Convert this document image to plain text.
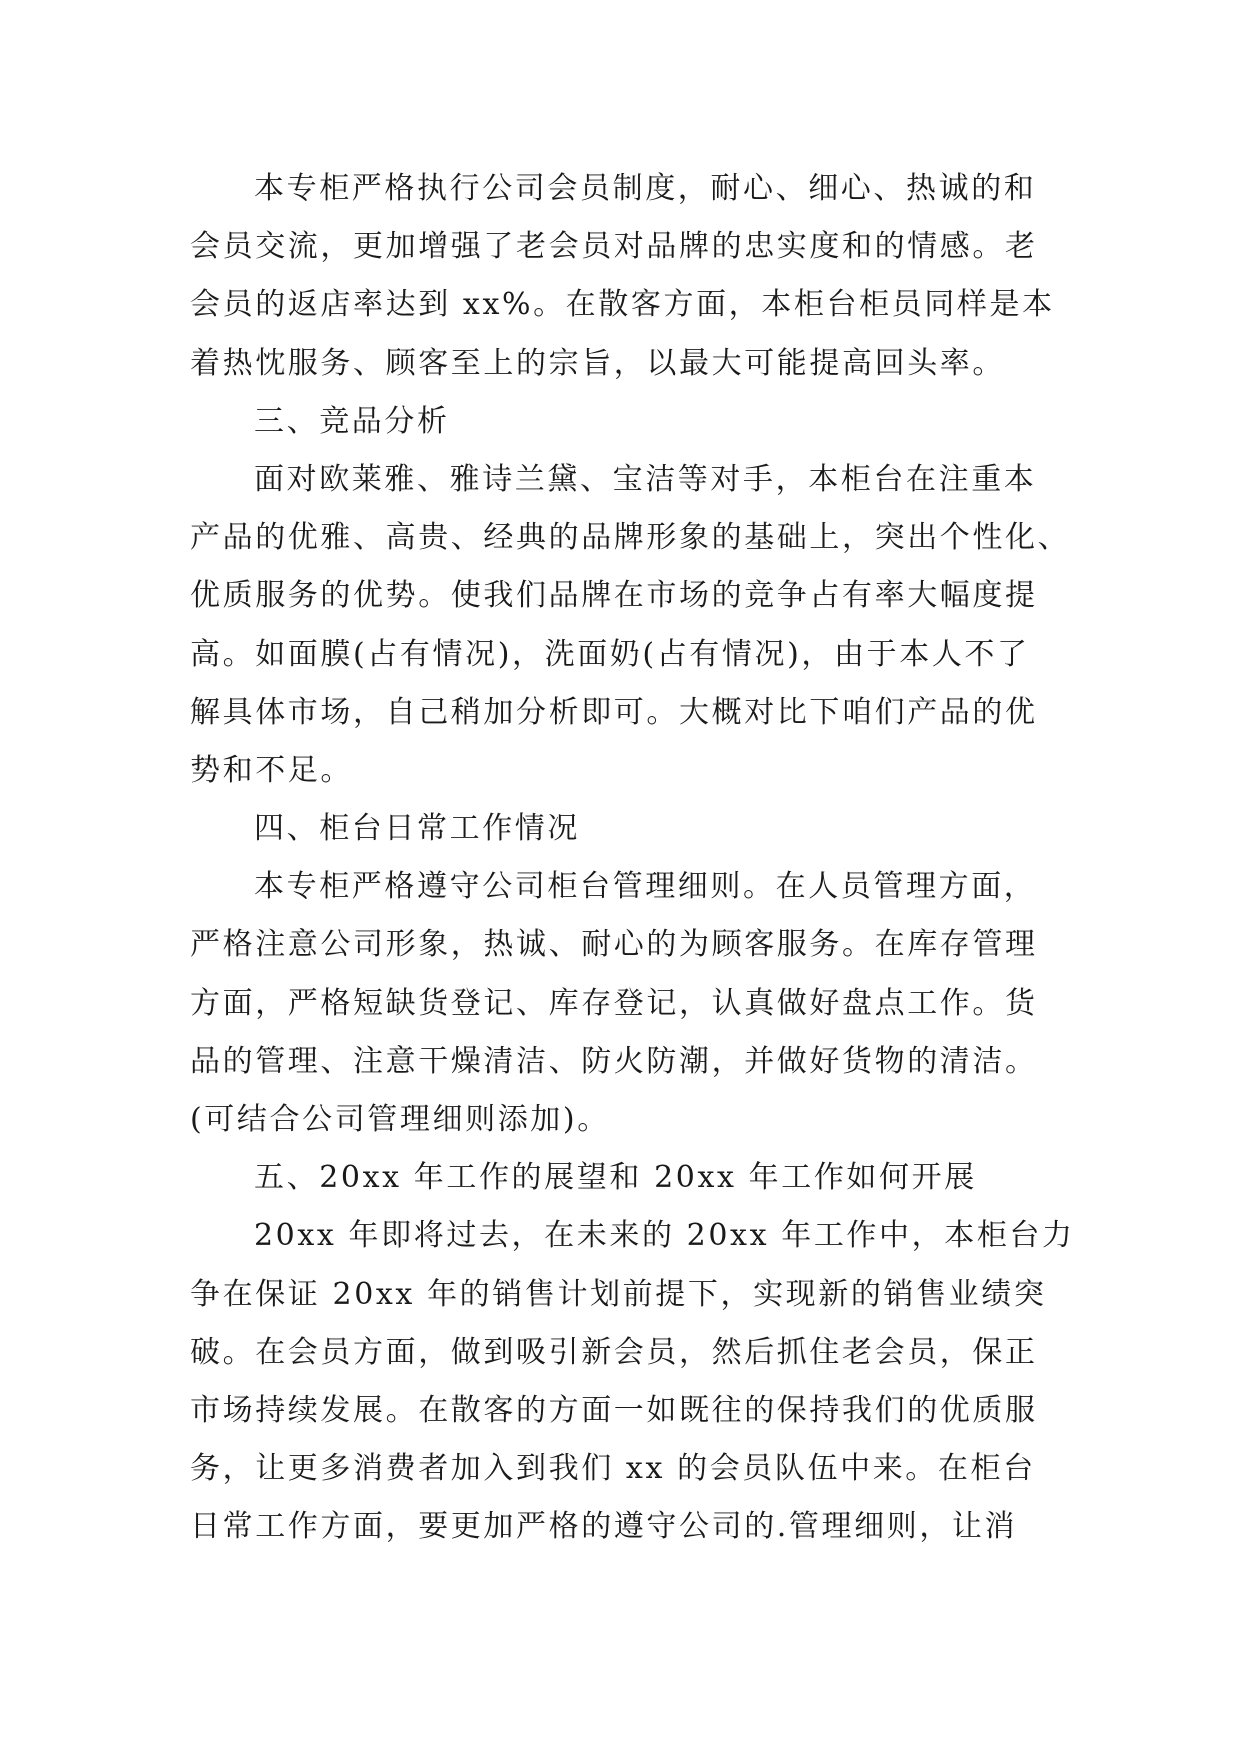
本专柜严格执行公司会员制度，耐心、细心、热诚的和
会员交流，更加增强了老会员对品牌的忠实度和的情感。老
会员的返店率达到 xx%。在散客方面，本柜台柜员同样是本
着热忱服务、顾客至上的宗旨，以最大可能提高回头率。
三、竞品分析
面对欧莱雅、雅诗兰黛、宝洁等对手，本柜台在注重本
产品的优雅、高贵、经典的品牌形象的基础上，突出个性化、
优质服务的优势。使我们品牌在市场的竞争占有率大幅度提
高。如面膜(占有情况)，洗面奶(占有情况)，由于本人不了
解具体市场，自己稍加分析即可。大概对比下咱们产品的优
势和不足。
四、柜台日常工作情况
本专柜严格遵守公司柜台管理细则。在人员管理方面，
严格注意公司形象，热诚、耐心的为顾客服务。在库存管理
方面，严格短缺货登记、库存登记，认真做好盘点工作。货
品的管理、注意干燥清洁、防火防潮，并做好货物的清洁。
(可结合公司管理细则添加)。
五、20xx 年工作的展望和 20xx 年工作如何开展
20xx 年即将过去，在未来的 20xx 年工作中，本柜台力
争在保证 20xx 年的销售计划前提下，实现新的销售业绩突
破。在会员方面，做到吸引新会员，然后抓住老会员，保正
市场持续发展。在散客的方面一如既往的保持我们的优质服
务，让更多消费者加入到我们 xx 的会员队伍中来。在柜台
日常工作方面，要更加严格的遵守公司的.管理细则，让消
